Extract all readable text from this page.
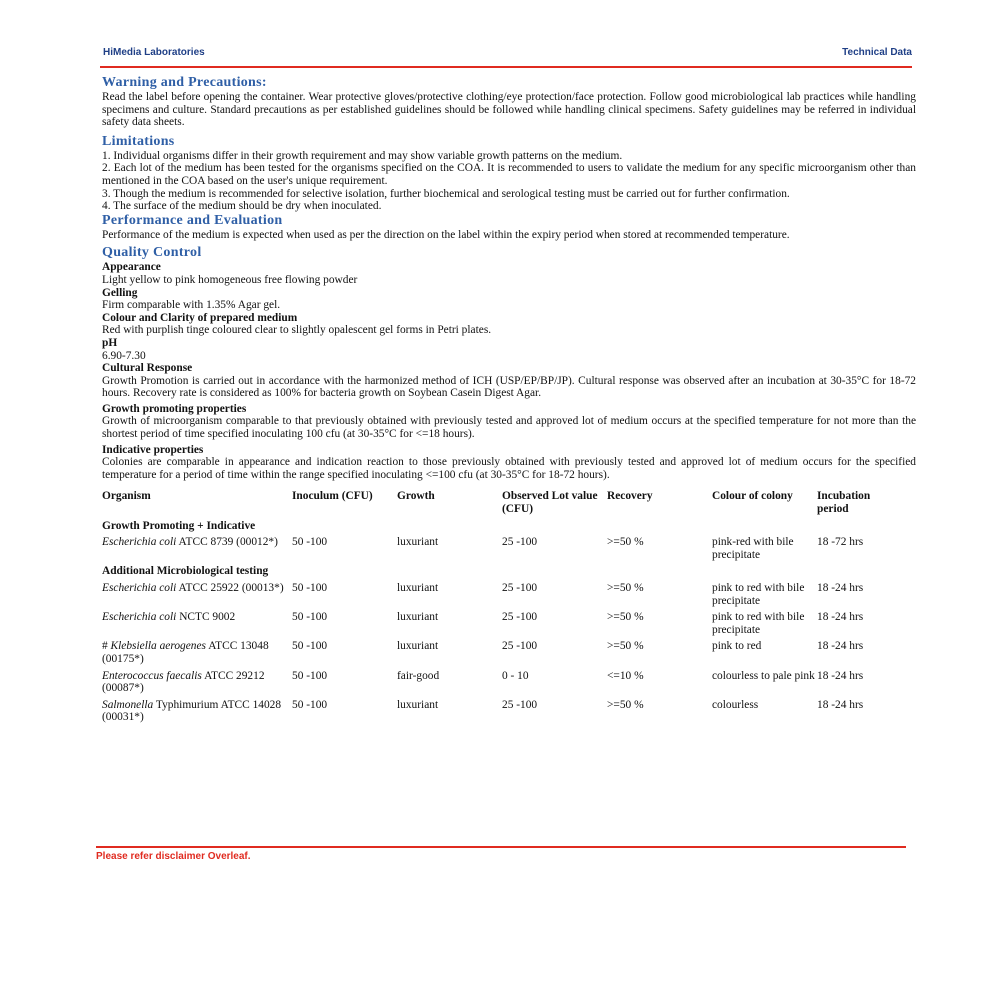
HiMedia Laboratories	Technical Data
Warning and Precautions:

Read the label before opening the container. Wear protective gloves/protective clothing/eye protection/face protection. Follow good microbiological lab practices while handling specimens and culture. Standard precautions as per established guidelines should be followed while handling clinical specimens. Safety guidelines may be referred in individual safety data sheets.

Limitations

1. Individual organisms differ in their growth requirement and may show variable growth patterns on the medium.

2. Each lot of the medium has been tested for the organisms specified on the COA. It is recommended to users to validate the medium for any specific microorganism other than mentioned in the COA based on the user's unique requirement.

3. Though the medium is recommended for selective isolation, further biochemical and serological testing must be carried out for further confirmation.

4. The surface of the medium should be dry when inoculated.

Performance and Evaluation

Performance of the medium is expected when used as per the direction on the label within the expiry period when stored at recommended temperature.

Quality Control

Appearance

Light yellow to pink homogeneous free flowing powder

Gelling

Firm comparable with 1.35% Agar gel.

Colour and Clarity of prepared medium

Red with purplish tinge coloured clear to slightly opalescent gel forms in Petri plates.

pH

6.90-7.30

Cultural Response

Growth Promotion is carried out in accordance with the harmonized method of ICH (USP/EP/BP/JP). Cultural response was observed after an incubation at 30-35°C for 18-72 hours. Recovery rate is considered as 100% for bacteria growth on Soybean Casein Digest Agar.

Growth promoting properties

Growth of microorganism comparable to that previously obtained with previously tested and approved lot of medium occurs at the specified temperature for not more than the shortest period of time specified inoculating 100 cfu (at 30-35°C for <=18 hours).

Indicative properties

Colonies are comparable in appearance and indication reaction to those previously obtained with previously tested and approved lot of medium occurs for the specified temperature for a period of time within the range specified inoculating <=100 cfu (at 30-35°C for 18-72 hours).

Organism	Inoculum (CFU)	Growth	Observed Lot value (CFU)	Recovery	Colour of colony	Incubation period
Growth Promoting + Indicative						
Escherichia coli ATCC 8739 (00012*)	50 -100	luxuriant	25 -100	>=50 %	pink-red with bile precipitate	18 -72 hrs
Additional Microbiological testing						
Escherichia coli ATCC 25922 (00013*)	50 -100	luxuriant	25 -100	>=50 %	pink to red with bile precipitate	18 -24 hrs
Escherichia coli NCTC 9002	50 -100	luxuriant	25 -100	>=50 %	pink to red with bile precipitate	18 -24 hrs
# Klebsiella aerogenes ATCC 13048 (00175*)	50 -100	luxuriant	25 -100	>=50 %	pink to red	18 -24 hrs
Enterococcus faecalis ATCC 29212 (00087*)	50 -100	fair-good	0 - 10	<=10 %	colourless to pale pink	18 -24 hrs
Salmonella Typhimurium ATCC 14028 (00031*)	50 -100	luxuriant	25 -100	>=50 %	colourless	18 -24 hrs
Please refer disclaimer Overleaf.
